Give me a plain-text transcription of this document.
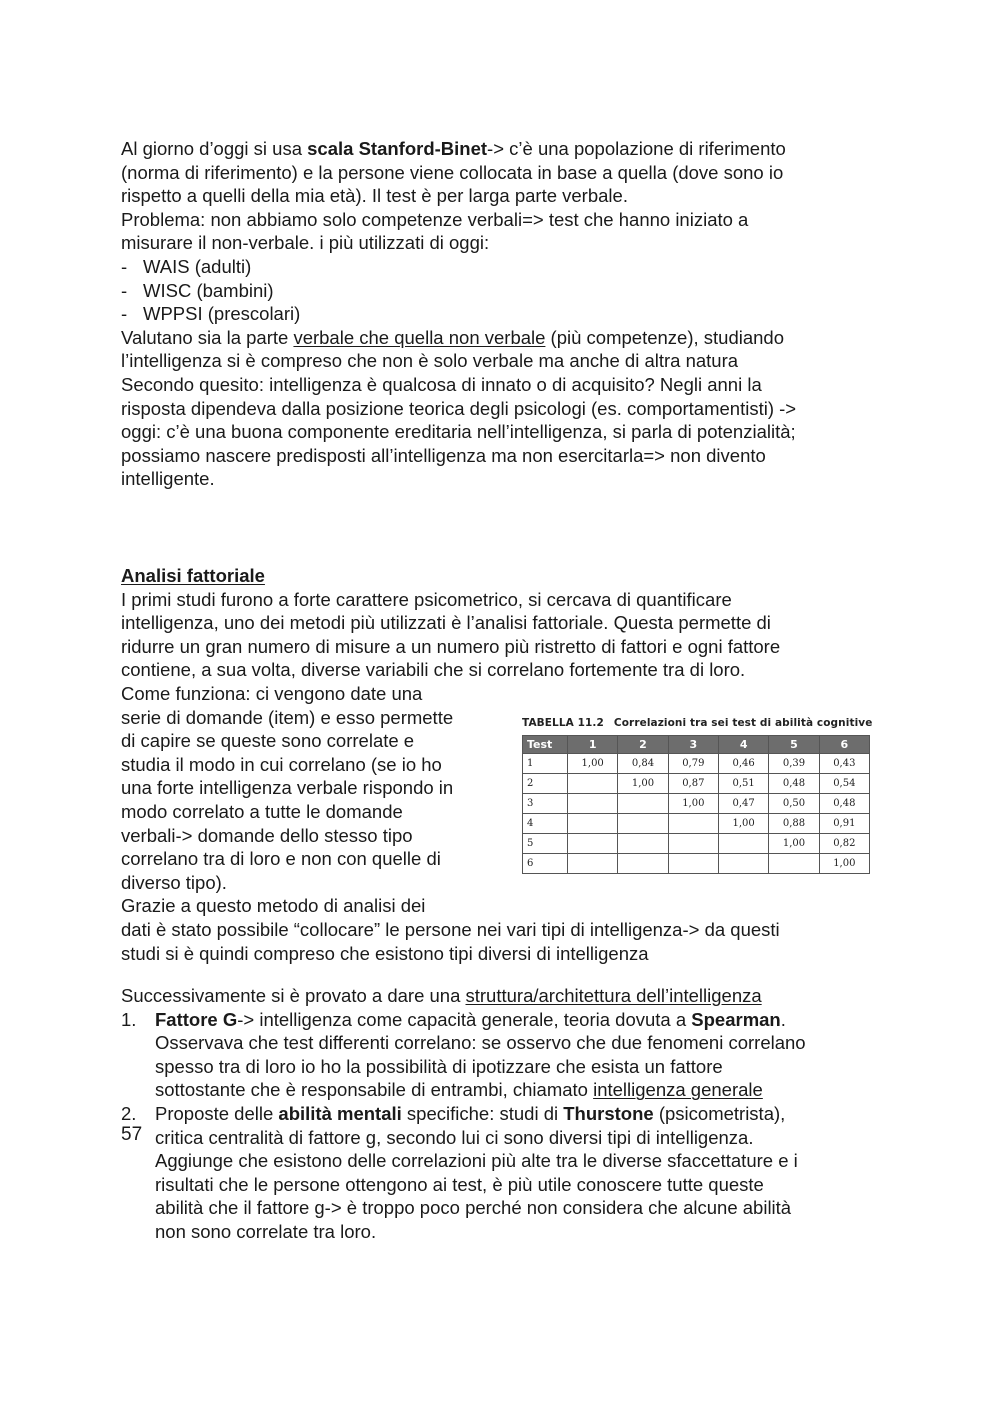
Al giorno d’oggi si usa scala Stanford-Binet-> c’è una popolazione di riferimento
(norma di riferimento) e la persone viene collocata in base a quella (dove sono io
rispetto a quelli della mia età). Il test è per larga parte verbale.
Problema: non abbiamo solo competenze verbali=> test che hanno iniziato a
misurare il non-verbale. i più utilizzati di oggi:
- WAIS (adulti)
- WISC (bambini)
- WPPSI (prescolari)
Valutano sia la parte verbale che quella non verbale (più competenze), studiando
l’intelligenza si è compreso che non è solo verbale ma anche di altra natura
Secondo quesito: intelligenza è qualcosa di innato o di acquisito? Negli anni la
risposta dipendeva dalla posizione teorica degli psicologi (es. comportamentisti) ->
oggi: c’è una buona componente ereditaria nell’intelligenza, si parla di potenzialità;
possiamo nascere predisposti all’intelligenza ma non esercitarla=> non divento
intelligente.
Analisi fattoriale
I primi studi furono a forte carattere psicometrico, si cercava di quantificare
intelligenza, uno dei metodi più utilizzati è l’analisi fattoriale. Questa permette di
ridurre un gran numero di misure a un numero più ristretto di fattori e ogni fattore
contiene, a sua volta, diverse variabili che si correlano fortemente tra di loro.
Come funziona: ci vengono date una
serie di domande (item) e esso permette
di capire se queste sono correlate e
studia il modo in cui correlano (se io ho
una forte intelligenza verbale rispondo in
modo correlato a tutte le domande
verbali-> domande dello stesso tipo
correlano tra di loro e non con quelle di
diverso tipo).
Grazie a questo metodo di analisi dei
dati è stato possibile “collocare” le persone nei vari tipi di intelligenza-> da questi
studi si è quindi compreso che esistono tipi diversi di intelligenza
TABELLA 11.2 Correlazioni tra sei test di abilità cognitive
Test	1	2	3	4	5	6
1	1,00	0,84	0,79	0,46	0,39	0,43
2		1,00	0,87	0,51	0,48	0,54
3			1,00	0,47	0,50	0,48
4				1,00	0,88	0,91
5					1,00	0,82
6						1,00
Successivamente si è provato a dare una struttura/architettura dell’intelligenza
1. Fattore G-> intelligenza come capacità generale, teoria dovuta a Spearman.
Osservava che test differenti correlano: se osservo che due fenomeni correlano
spesso tra di loro io ho la possibilità di ipotizzare che esista un fattore
sottostante che è responsabile di entrambi, chiamato intelligenza generale
2. Proposte delle abilità mentali specifiche: studi di Thurstone (psicometrista),
critica centralità di fattore g, secondo lui ci sono diversi tipi di intelligenza.
Aggiunge che esistono delle correlazioni più alte tra le diverse sfaccettature e i
risultati che le persone ottengono ai test, è più utile conoscere tutte queste
abilità che il fattore g-> è troppo poco perché non considera che alcune abilità
non sono correlate tra loro.
57
